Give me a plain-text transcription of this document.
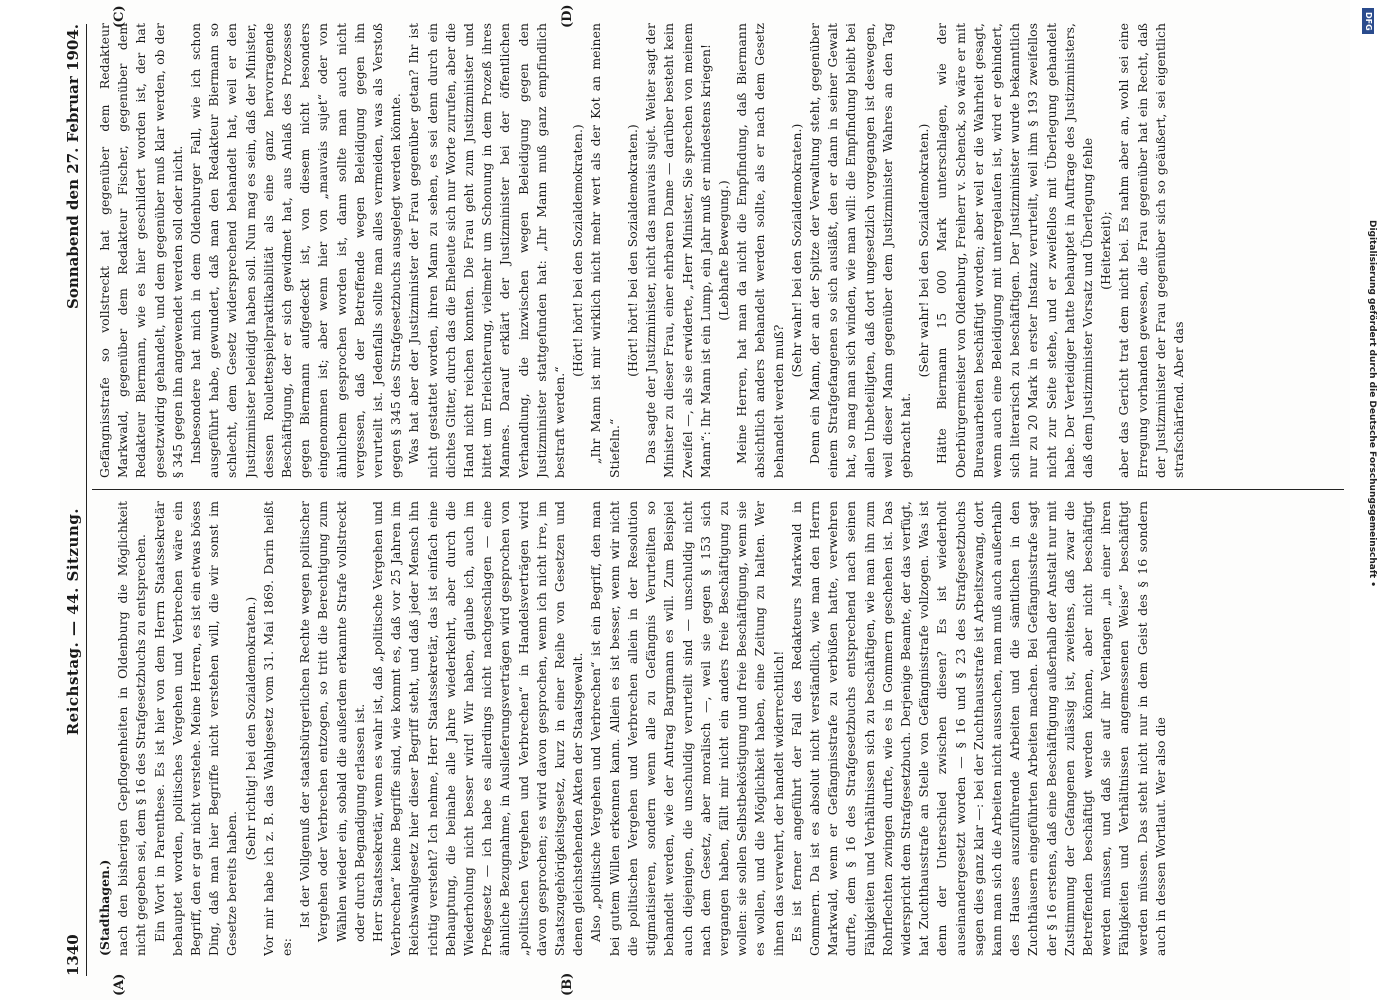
1340
Reichstag. — 44. Sitzung.
Sonnabend den 27. Februar 1904.
(A)	(B)
(C)	(D)

(Stadthagen.) nach den bisherigen Gepflogenheiten in Oldenburg die Möglichkeit nicht gegeben sei, dem § 16 des Strafgesetzbuchs zu entsprechen. Ein Wort in Parenthese. Es ist hier von dem Herrn Staatssekretär behauptet worden, politisches Vergehen und Verbrechen wäre ein Begriff, den er gar nicht verstehe. Meine Herren, es ist ein etwas böses Ding, daß man hier Begriffe nicht verstehen will, die wir sonst im Gesetze bereits haben.

(Sehr richtig! bei den Sozialdemokraten.) Vor mir habe ich z. B. das Wahlgesetz vom 31. Mai 1869. Darin heißt es:

Ist der Vollgenuß der staatsbürgerlichen Rechte wegen politischer Vergehen oder Verbrechen entzogen, so tritt die Berechtigung zum Wählen wieder ein, sobald die außerdem erkannte Strafe vollstreckt oder durch Begnadigung erlassen ist. Herr Staatssekretär, wenn es wahr ist, daß „politische Vergehen und Verbrechen“ keine Begriffe sind, wie kommt es, daß vor 25 Jahren im Reichswahlgesetz hier dieser Begriff steht, und daß jeder Mensch ihn richtig versteht? Ich nehme, Herr Staatssekretär, das ist einfach eine Behauptung, die beinahe alle Jahre wiederkehrt, aber durch die Wiederholung nicht besser wird! Wir haben, glaube ich, auch im Preßgesetz — ich habe es allerdings nicht nachgeschlagen — eine ähnliche Bezugnahme, in Auslieferungsverträgen wird gesprochen von „politischen Vergehen und Verbrechen“ in Handelsverträgen wird davon gesprochen; es wird davon gesprochen, wenn ich nicht irre, im Staatszugehörigkeitsgesetz, kurz in einer Reihe von Gesetzen und denen gleichstehenden Akten der Staatsgewalt. Also „politische Vergehen und Verbrechen“ ist ein Begriff, den man bei gutem Willen erkennen kann. Allein es ist besser, wenn wir nicht die politischen Vergehen und Verbrechen allein in der Resolution stigmatisieren, sondern wenn alle zu Gefängnis Verurteilten so behandelt werden, wie der Antrag Bargmann es will. Zum Beispiel auch diejenigen, die unschuldig verurteilt sind — unschuldig nicht nach dem Gesetz, aber moralisch —, weil sie gegen § 153 sich vergangen haben, fällt mir nicht ein anders freie Beschäftigung zu wollen: sie sollen Selbstbeköstigung und freie Beschäftigung, wenn sie es wollen, und die Möglichkeit haben, eine Zeitung zu halten. Wer ihnen das verwehrt, der handelt widerrechtlich! Es ist ferner angeführt der Fall des Redakteurs Markwald in Gommern. Da ist es absolut nicht verständlich, wie man den Herrn Markwald, wenn er Gefängnisstrafe zu verbüßen hatte, verwehren durfte, dem § 16 des Strafgesetzbuchs entsprechend nach seinen Fähigkeiten und Verhältnissen sich zu beschäftigen, wie man ihn zum Rohrflechten zwingen durfte, wie es in Gommern geschehen ist. Das widerspricht dem Strafgesetzbuch. Derjenige Beamte, der das verfügt, hat Zuchthausstrafe an Stelle von Gefängnisstrafe vollzogen. Was ist denn der Unterschied zwischen diesen? Es ist wiederholt auseinandergesetzt worden — § 16 und § 23 des Strafgesetzbuchs sagen dies ganz klar —: bei der Zuchthausstrafe ist Arbeitszwang, dort kann man sich die Arbeiten nicht aussuchen, man muß auch außerhalb des Hauses auszuführende Arbeiten und die sämtlichen in den Zuchthäusern eingeführten Arbeiten machen. Bei Gefängnisstrafe sagt der § 16 erstens, daß eine Beschäftigung außerhalb der Anstalt nur mit Zustimmung der Gefangenen zulässig ist, zweitens, daß zwar die Betreffenden beschäftigt werden können, aber nicht beschäftigt werden müssen, und daß sie auf ihr Verlangen „in einer ihren Fähigkeiten und Verhältnissen angemessenen Weise“ beschäftigt werden müssen. Das steht nicht nur in dem Geist des § 16 sondern auch in dessen Wortlaut. Wer also die

Gefängnisstrafe so vollstreckt hat gegenüber dem Redakteur Markwald, gegenüber dem Redakteur Fischer, gegenüber dem Redakteur Biermann, wie es hier geschildert worden ist, der hat gesetzwidrig gehandelt, und dem gegenüber muß klar werden, ob der § 345 gegen ihn angewendet werden soll oder nicht. Insbesondere hat mich in dem Oldenburger Fall, wie ich schon ausgeführt habe, gewundert, daß man den Redakteur Biermann so schlecht, dem Gesetz widersprechend behandelt hat, weil er den Justizminister beleidigt haben soll. Nun mag es sein, daß der Minister, dessen Roulettespielpraktikabilität als eine ganz hervorragende Beschäftigung, der er sich gewidmet hat, aus Anlaß des Prozesses gegen Biermann aufgedeckt ist, von diesem nicht besonders eingenommen ist; aber wenn hier von „mauvais sujet“ oder von ähnlichem gesprochen worden ist, dann sollte man auch nicht vergessen, daß der Betreffende wegen Beleidigung gegen ihn verurteilt ist. Jedenfalls sollte man alles vermeiden, was als Verstoß gegen § 345 des Strafgesetzbuchs ausgelegt werden könnte. Was hat aber der Justizminister der Frau gegenüber getan? Ihr ist nicht gestattet worden, ihren Mann zu sehen, es sei denn durch ein dichtes Gitter, durch das die Eheleute sich nur Worte zurufen, aber die Hand nicht reichen konnten. Die Frau geht zum Justizminister und bittet um Erleichterung, vielmehr um Schonung in dem Prozeß ihres Mannes. Darauf erklärt der Justizminister bei der öffentlichen Verhandlung, die inzwischen wegen Beleidigung gegen den Justizminister stattgefunden hat: „Ihr Mann muß ganz empfindlich bestraft werden.“

(Hört! hört! bei den Sozialdemokraten.) „Ihr Mann ist mir wirklich nicht mehr wert als der Kot an meinen Stiefeln.“

(Hört! hört! bei den Sozialdemokraten.) Das sagte der Justizminister, nicht das mauvais sujet. Weiter sagt der Minister zu dieser Frau, einer ehrbaren Dame — darüber besteht kein Zweifel —, als sie erwiderte, „Herr Minister, Sie sprechen von meinem Mann“: Ihr Mann ist ein Lump, ein Jahr muß er mindestens kriegen! (Lebhafte Bewegung.) Meine Herren, hat man da nicht die Empfindung, daß Biermann absichtlich anders behandelt werden sollte, als er nach dem Gesetz behandelt werden muß?

(Sehr wahr! bei den Sozialdemokraten.) Denn ein Mann, der an der Spitze der Verwaltung steht, gegenüber einem Strafgefangenen so sich ausläßt, den er dann in seiner Gewalt hat, so mag man sich winden, wie man will: die Empfindung bleibt bei allen Unbeteiligten, daß dort ungesetzlich vorgegangen ist deswegen, weil dieser Mann gegenüber dem Justizminister Wahres an den Tag gebracht hat.

(Sehr wahr! bei den Sozialdemokraten.) Hätte Biermann 15 000 Mark unterschlagen, wie der Oberbürgermeister von Oldenburg, Freiherr v. Schenck, so wäre er mit Bureauarbeiten beschäftigt worden; aber weil er die Wahrheit gesagt, wenn auch eine Beleidigung mit untergelaufen ist, wird er gehindert, sich literarisch zu beschäftigen. Der Justizminister wurde bekanntlich nur zu 20 Mark in erster Instanz verurteilt, weil ihm § 193 zweifellos nicht zur Seite stehe, und er zweifellos mit Überlegung gehandelt habe. Der Verteidiger hatte behauptet in Auftrage des Justizministers, daß dem Justizminister Vorsatz und Überlegung fehle (Heiterkeit); aber das Gericht trat dem nicht bei. Es nahm aber an, wohl sei eine Erregung vorhanden gewesen, die Frau gegenüber hat ein Recht, daß der Justizminister der Frau gegenüber sich so geäußert, sei eigentlich strafschärfend. Aber das

DFG
Digitalisierung gefördert durch die Deutsche Forschungsgemeinschaft •
